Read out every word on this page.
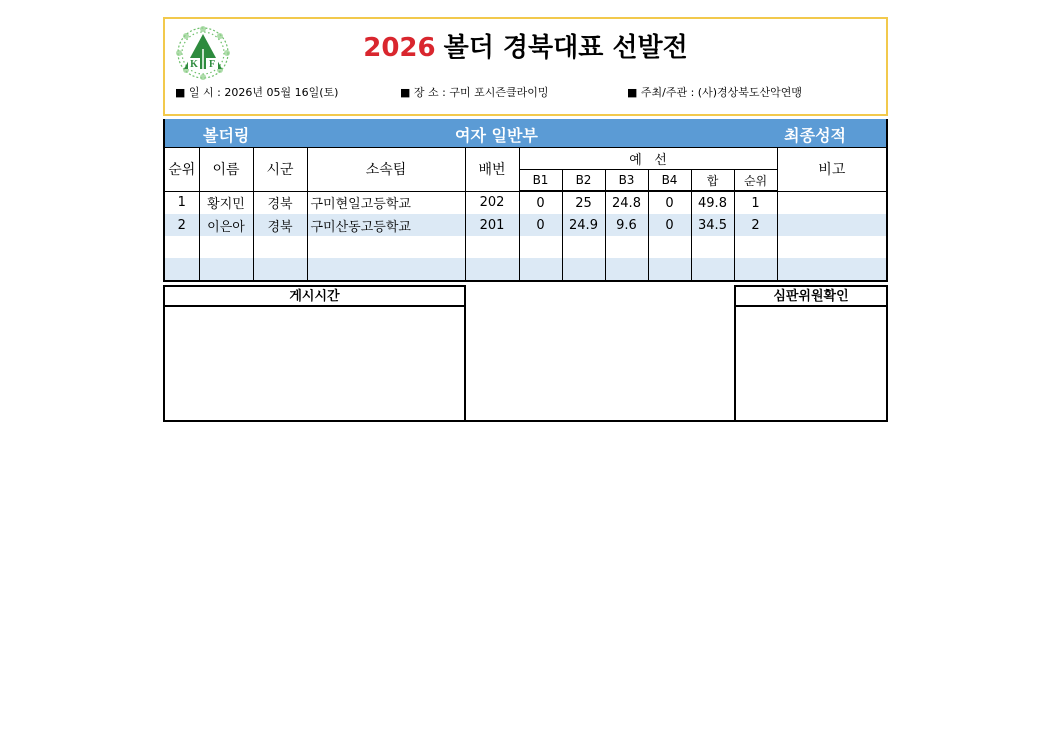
K F
2026 볼더 경북대표 선발전
■ 일 시 : 2026년 05월 16일(토)	■ 장 소 : 구미 포시즌클라이밍	■ 주최/주관 : (사)경상북도산악연맹
볼더링	여자 일반부	최종성적
순위	이름	시군	소속팀	배번	예   선						비고
					B1	B2	B3	B4	합	순위	
1	황지민	경북	구미현일고등학교	202	0	25	24.8	0	49.8	1	
2	이은아	경북	구미산동고등학교	201	0	24.9	9.6	0	34.5	2	

게시시간	심판위원확인
